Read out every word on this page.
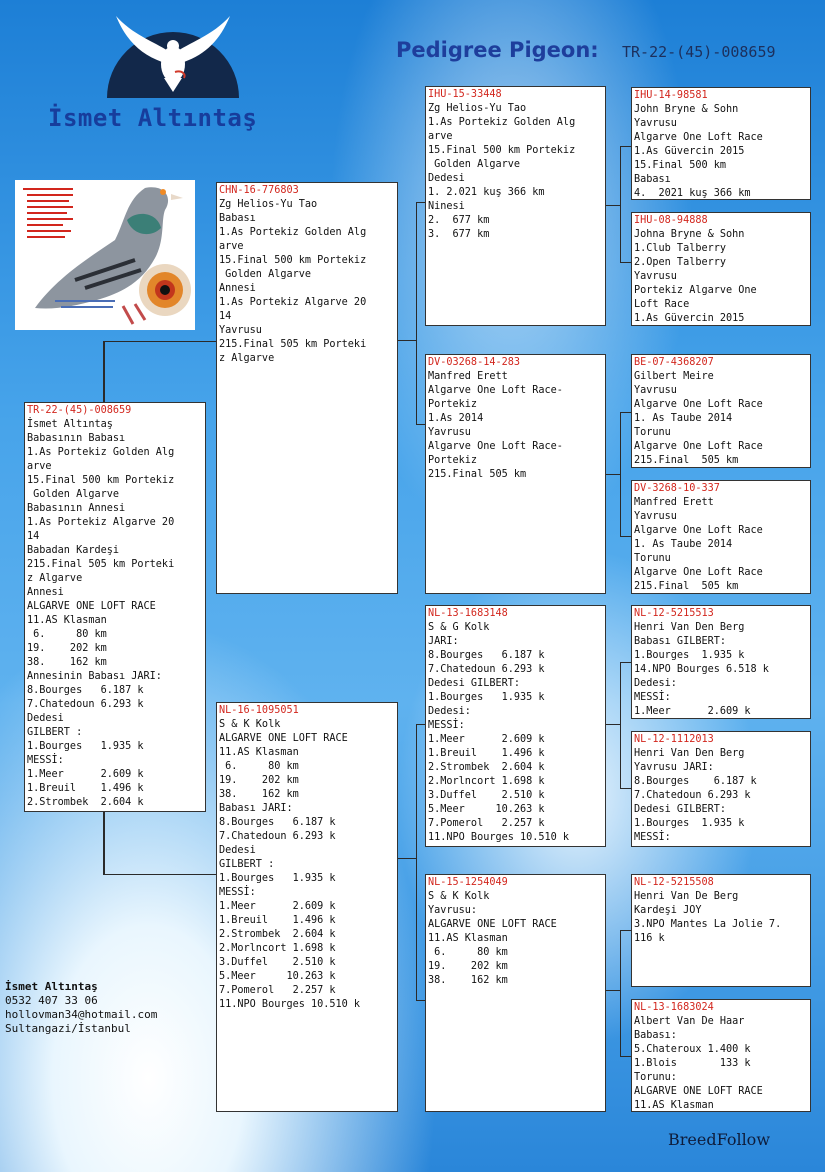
İsmet Altıntaş
Pedigree Pigeon: TR-22-(45)-008659
TR-22-(45)-008659
İsmet Altıntaş
Babasının Babası
1.As Portekiz Golden Alg
arve
15.Final 500 km Portekiz
Golden Algarve
Babasının Annesi
1.As Portekiz Algarve 20
14
Babadan Kardeşi
215.Final 505 km Porteki
z Algarve
Annesi
ALGARVE ONE LOFT RACE
11.AS Klasman
6.     80 km
19.    202 km
38.    162 km
Annesinin Babası JARI:
8.Bourges   6.187 k
7.Chatedoun 6.293 k
Dedesi
GILBERT :
1.Bourges   1.935 k
MESSİ:
1.Meer      2.609 k
1.Breuil    1.496 k
2.Strombek  2.604 k
CHN-16-776803
Zg Helios-Yu Tao
Babası
1.As Portekiz Golden Alg
arve
15.Final 500 km Portekiz
Golden Algarve
Annesi
1.As Portekiz Algarve 20
14
Yavrusu
215.Final 505 km Porteki
z Algarve
NL-16-1095051
S & K Kolk
ALGARVE ONE LOFT RACE
11.AS Klasman
6.     80 km
19.    202 km
38.    162 km
Babası JARI:
8.Bourges   6.187 k
7.Chatedoun 6.293 k
Dedesi
GILBERT :
1.Bourges   1.935 k
MESSİ:
1.Meer      2.609 k
1.Breuil    1.496 k
2.Strombek  2.604 k
2.Morlncort 1.698 k
3.Duffel    2.510 k
5.Meer     10.263 k
7.Pomerol   2.257 k
11.NPO Bourges 10.510 k
IHU-15-33448
Zg Helios-Yu Tao
1.As Portekiz Golden Alg
arve
15.Final 500 km Portekiz
Golden Algarve
Dedesi
1. 2.021 kuş 366 km
Ninesi
2.  677 km
3.  677 km
DV-03268-14-283
Manfred Erett
Algarve One Loft Race-
Portekiz
1.As 2014
Yavrusu
Algarve One Loft Race-
Portekiz
215.Final 505 km
NL-13-1683148
S & G Kolk
JARI:
8.Bourges   6.187 k
7.Chatedoun 6.293 k
Dedesi GILBERT:
1.Bourges   1.935 k
Dedesi:
MESSİ:
1.Meer      2.609 k
1.Breuil    1.496 k
2.Strombek  2.604 k
2.Morlncort 1.698 k
3.Duffel    2.510 k
5.Meer     10.263 k
7.Pomerol   2.257 k
11.NPO Bourges 10.510 k
NL-15-1254049
S & K Kolk
Yavrusu:
ALGARVE ONE LOFT RACE
11.AS Klasman
6.     80 km
19.    202 km
38.    162 km
IHU-14-98581
John Bryne & Sohn
Yavrusu
Algarve One Loft Race
1.As Güvercin 2015
15.Final 500 km
Babası
4.  2021 kuş 366 km
IHU-08-94888
Johna Bryne & Sohn
1.Club Talberry
2.Open Talberry
Yavrusu
Portekiz Algarve One
Loft Race
1.As Güvercin 2015
BE-07-4368207
Gilbert Meire
Yavrusu
Algarve One Loft Race
1. As Taube 2014
Torunu
Algarve One Loft Race
215.Final  505 km
DV-3268-10-337
Manfred Erett
Yavrusu
Algarve One Loft Race
1. As Taube 2014
Torunu
Algarve One Loft Race
215.Final  505 km
NL-12-5215513
Henri Van Den Berg
Babası GILBERT:
1.Bourges  1.935 k
14.NPO Bourges 6.518 k
Dedesi:
MESSİ:
1.Meer      2.609 k
NL-12-1112013
Henri Van Den Berg
Yavrusu JARI:
8.Bourges    6.187 k
7.Chatedoun 6.293 k
Dedesi GILBERT:
1.Bourges  1.935 k
MESSİ:
NL-12-5215508
Henri Van De Berg
Kardeşi JOY
3.NPO Mantes La Jolie 7.
116 k
NL-13-1683024
Albert Van De Haar
Babası:
5.Chateroux 1.400 k
1.Blois       133 k
Torunu:
ALGARVE ONE LOFT RACE
11.AS Klasman
İsmet Altıntaş
0532 407 33 06
hollovman34@hotmail.com
Sultangazi/İstanbul
BreedFollow
